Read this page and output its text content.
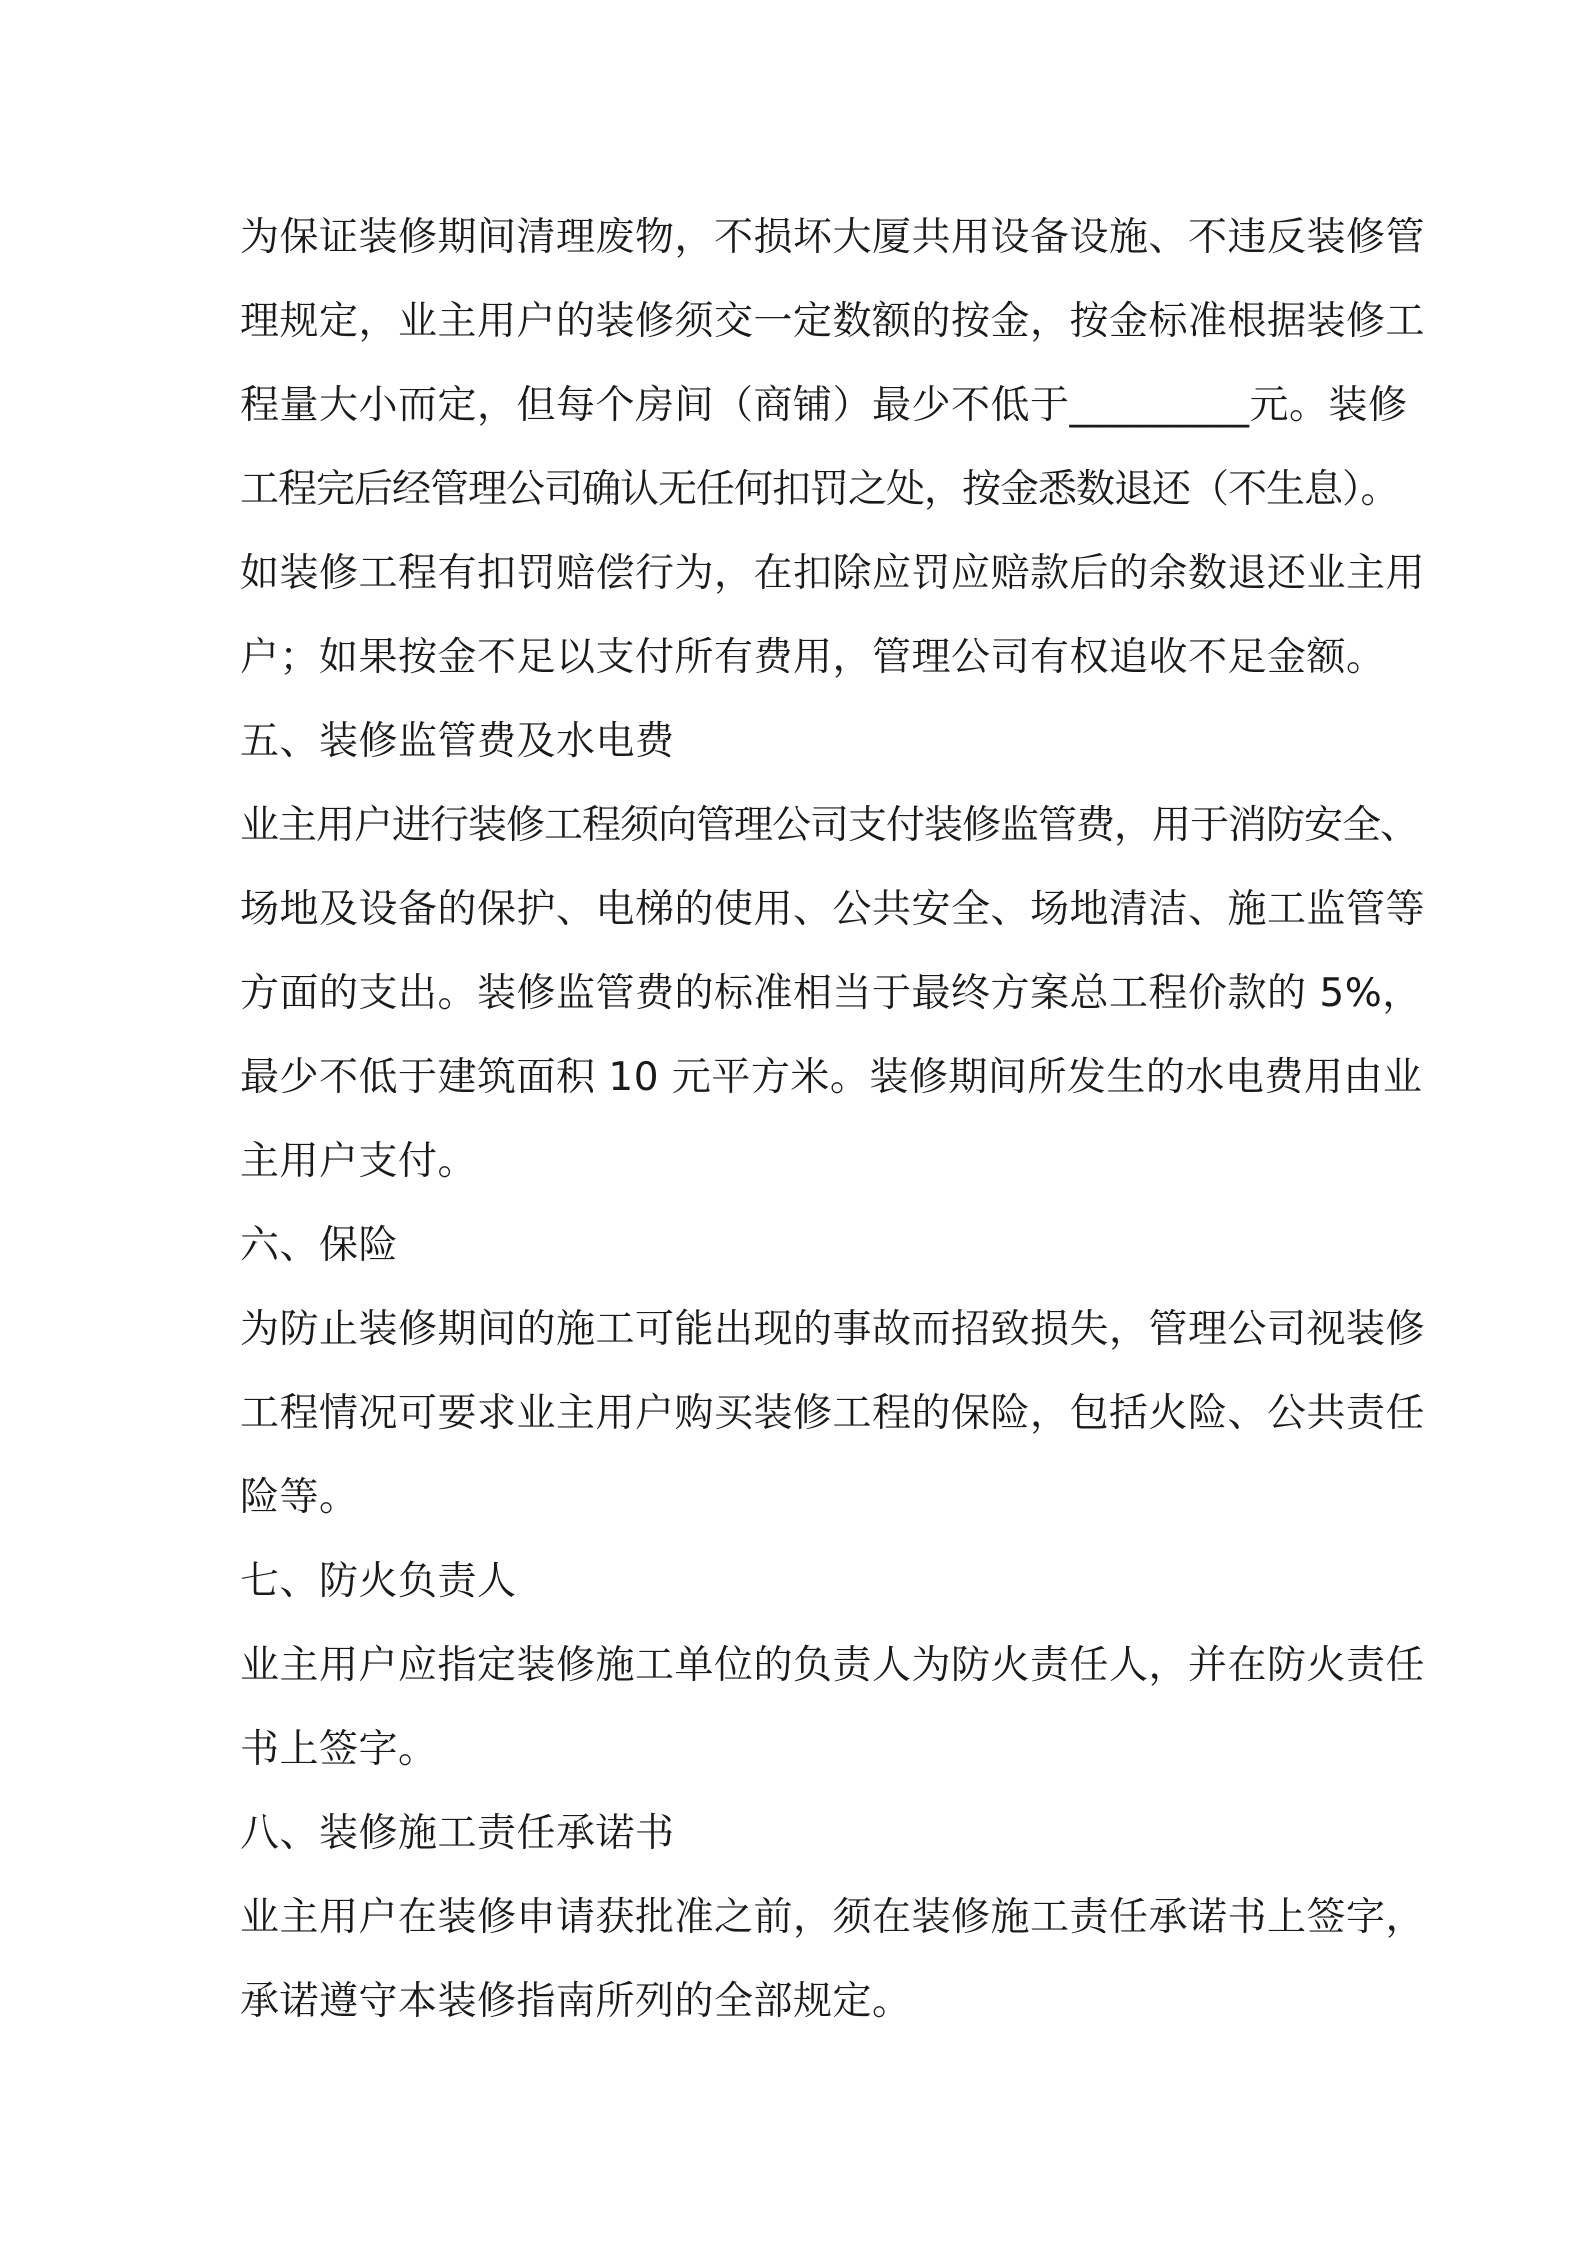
为保证装修期间清理废物，不损坏大厦共用设备设施、不违反装修管
理规定，业主用户的装修须交一定数额的按金，按金标准根据装修工
程量大小而定，但每个房间（商铺）最少不低于_________元。装修
工程完后经管理公司确认无任何扣罚之处，按金悉数退还（不生息）。
如装修工程有扣罚赔偿行为，在扣除应罚应赔款后的余数退还业主用
户；如果按金不足以支付所有费用，管理公司有权追收不足金额。
五、装修监管费及水电费
业主用户进行装修工程须向管理公司支付装修监管费，用于消防安全、
场地及设备的保护、电梯的使用、公共安全、场地清洁、施工监管等
方面的支出。装修监管费的标准相当于最终方案总工程价款的 5%，
最少不低于建筑面积 10 元平方米。装修期间所发生的水电费用由业
主用户支付。
六、保险
为防止装修期间的施工可能出现的事故而招致损失，管理公司视装修
工程情况可要求业主用户购买装修工程的保险，包括火险、公共责任
险等。
七、防火负责人
业主用户应指定装修施工单位的负责人为防火责任人，并在防火责任
书上签字。
八、装修施工责任承诺书
业主用户在装修申请获批准之前，须在装修施工责任承诺书上签字，
承诺遵守本装修指南所列的全部规定。
